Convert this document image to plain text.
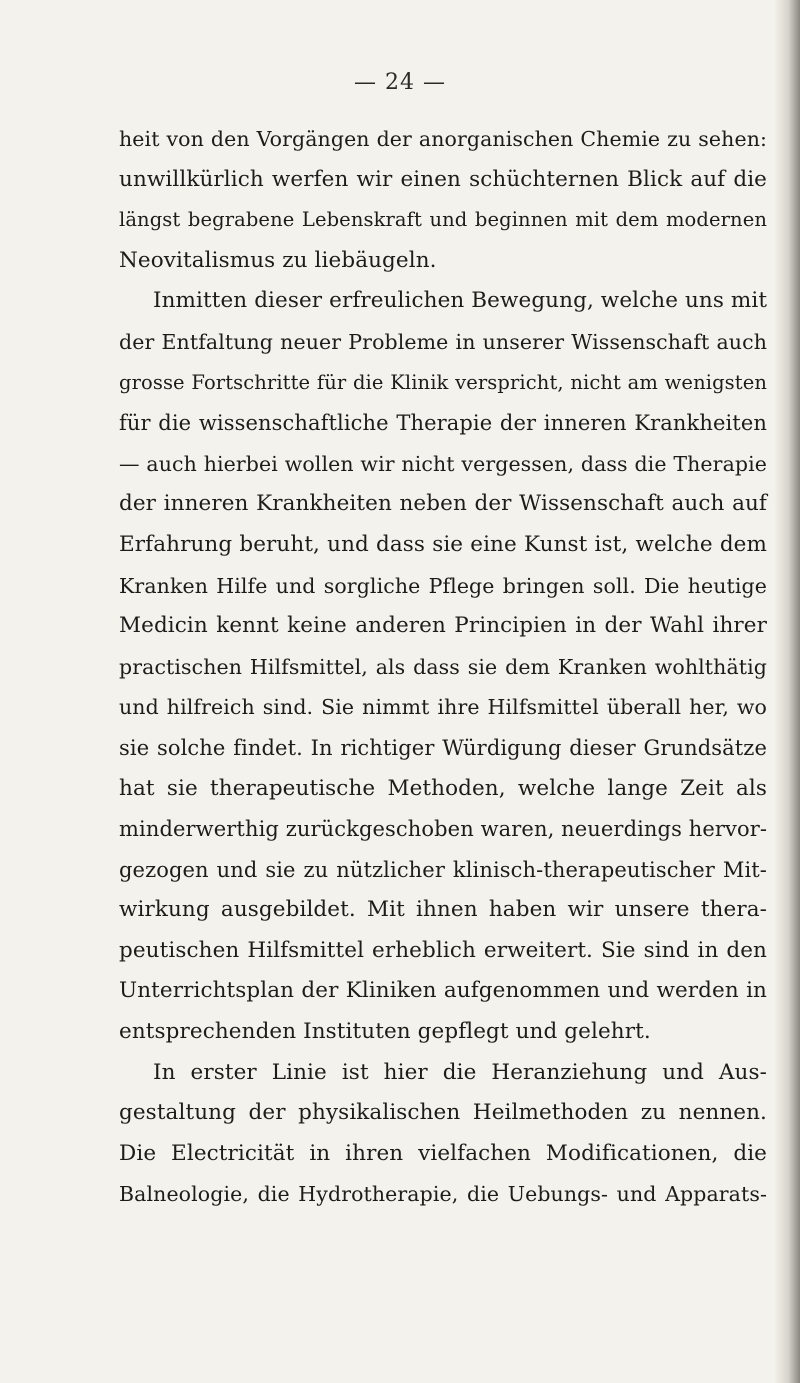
— 24 —
heit von den Vorgängen der anorganischen Chemie zu sehen:
unwillkürlich werfen wir einen schüchternen Blick auf die
längst begrabene Lebenskraft und beginnen mit dem modernen
Neovitalismus zu liebäugeln.
Inmitten dieser erfreulichen Bewegung, welche uns mit
der Entfaltung neuer Probleme in unserer Wissenschaft auch
grosse Fortschritte für die Klinik verspricht, nicht am wenigsten
für die wissenschaftliche Therapie der inneren Krankheiten
— auch hierbei wollen wir nicht vergessen, dass die Therapie
der inneren Krankheiten neben der Wissenschaft auch auf
Erfahrung beruht, und dass sie eine Kunst ist, welche dem
Kranken Hilfe und sorgliche Pflege bringen soll. Die heutige
Medicin kennt keine anderen Principien in der Wahl ihrer
practischen Hilfsmittel, als dass sie dem Kranken wohlthätig
und hilfreich sind. Sie nimmt ihre Hilfsmittel überall her, wo
sie solche findet. In richtiger Würdigung dieser Grundsätze
hat sie therapeutische Methoden, welche lange Zeit als
minderwerthig zurückgeschoben waren, neuerdings hervor-
gezogen und sie zu nützlicher klinisch-therapeutischer Mit-
wirkung ausgebildet. Mit ihnen haben wir unsere thera-
peutischen Hilfsmittel erheblich erweitert. Sie sind in den
Unterrichtsplan der Kliniken aufgenommen und werden in
entsprechenden Instituten gepflegt und gelehrt.
In erster Linie ist hier die Heranziehung und Aus-
gestaltung der physikalischen Heilmethoden zu nennen.
Die Electricität in ihren vielfachen Modificationen, die
Balneologie, die Hydrotherapie, die Uebungs- und Apparats-
